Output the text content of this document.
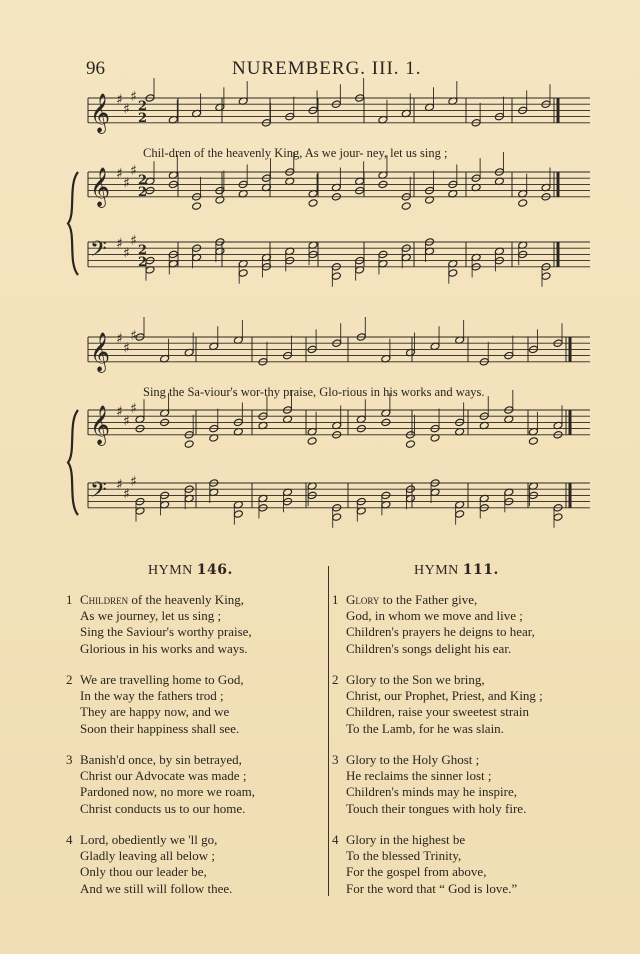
96	NUREMBERG. III. 1.
𝄞 ♯
♯
♯
2
2
𝄞 ♯
♯
♯
2
2
𝄢 ♯
♯
♯
2
2
𝄞 ♯
♯
♯
𝄞 ♯
♯
♯
𝄢 ♯
♯
♯
Chil-dren of the heavenly King, As we jour- ney, let us sing ;
Sing the Sa-viour's wor-thy praise, Glo-rious in his works and ways.
HYMN 146.
1 Children of the heavenly King,
As we journey, let us sing ;
Sing the Saviour's worthy praise,
Glorious in his works and ways.
2 We are travelling home to God,
In the way the fathers trod ;
They are happy now, and we
Soon their happiness shall see.
3 Banish'd once, by sin betrayed,
Christ our Advocate was made ;
Pardoned now, no more we roam,
Christ conducts us to our home.
4 Lord, obediently we 'll go,
Gladly leaving all below ;
Only thou our leader be,
And we still will follow thee.
HYMN 111.
1 Glory to the Father give,
God, in whom we move and live ;
Children's prayers he deigns to hear,
Children's songs delight his ear.
2 Glory to the Son we bring,
Christ, our Prophet, Priest, and King ;
Children, raise your sweetest strain
To the Lamb, for he was slain.
3 Glory to the Holy Ghost ;
He reclaims the sinner lost ;
Children's minds may he inspire,
Touch their tongues with holy fire.
4 Glory in the highest be
To the blessed Trinity,
For the gospel from above,
For the word that “ God is love.”
